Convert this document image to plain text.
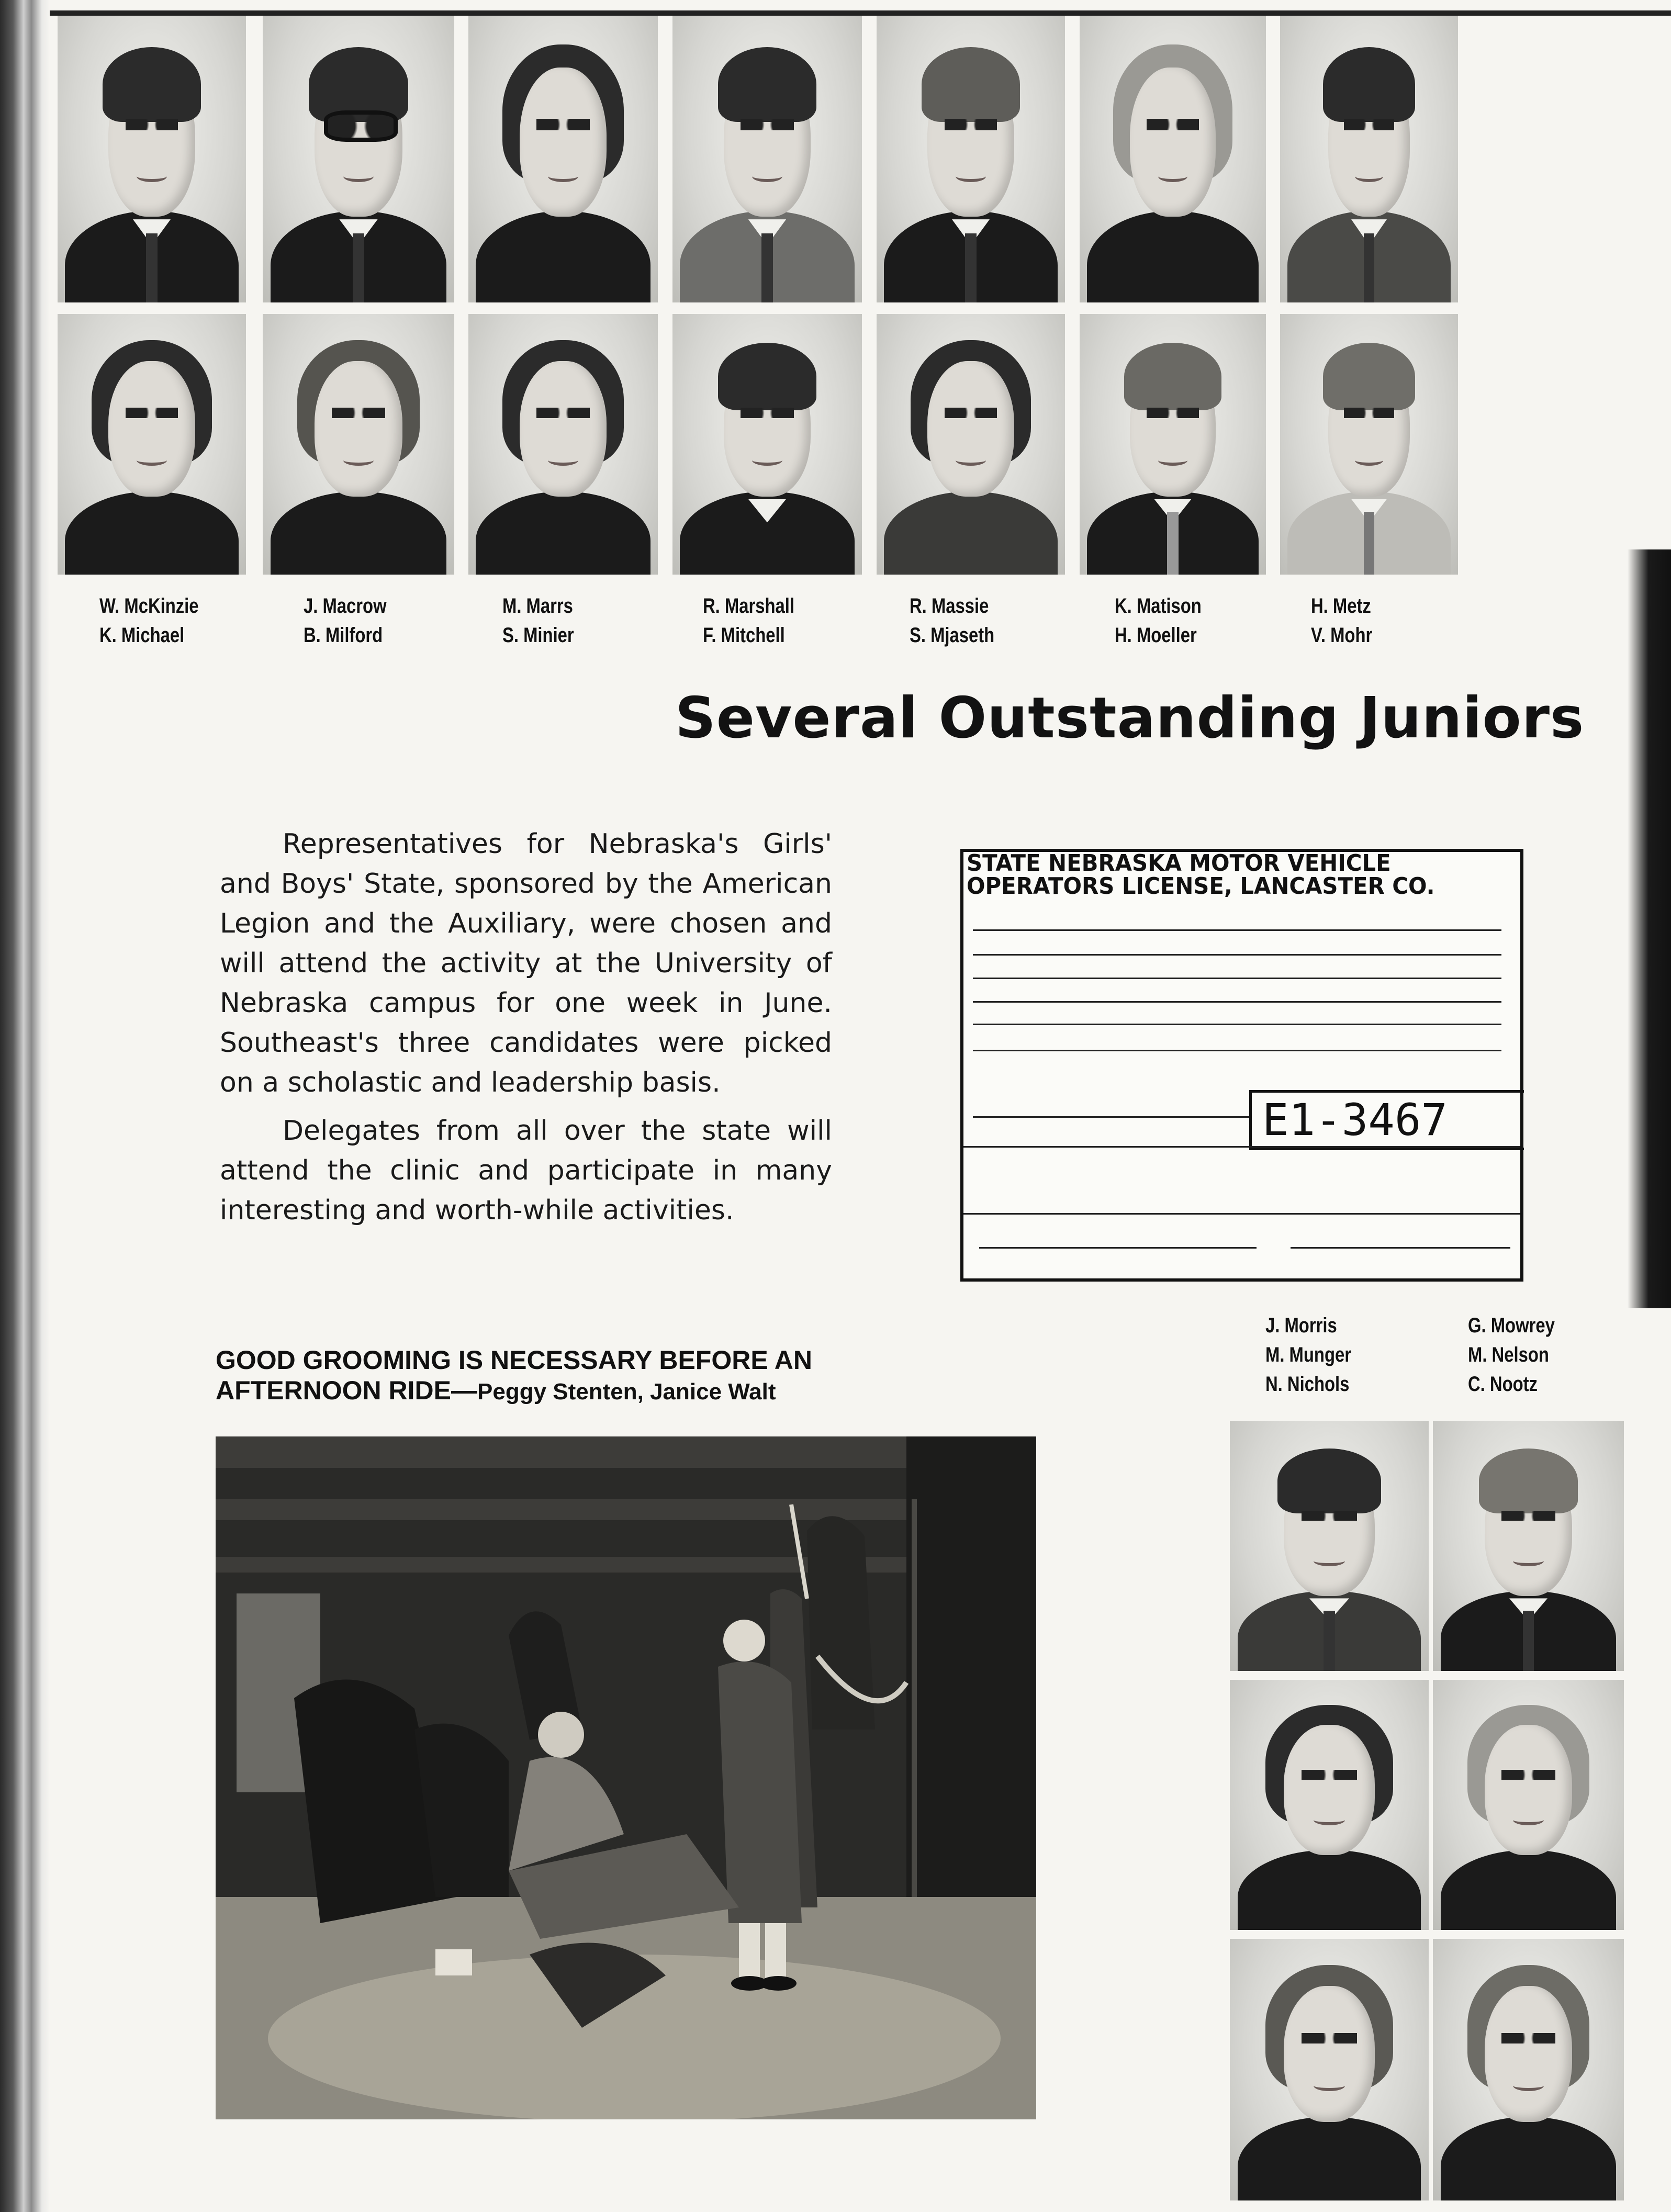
W. McKinzie
K. Michael
J. Macrow
B. Milford
M. Marrs
S. Minier
R. Marshall
F. Mitchell
R. Massie
S. Mjaseth
K. Matison
H. Moeller
H. Metz
V. Mohr
Several Outstanding Juniors

Representatives for Nebraska's Girls' and Boys' State, sponsored by the American Legion and the Auxiliary, were chosen and will attend the activity at the University of Nebraska campus for one week in June. Southeast's three candidates were picked on a scholastic and leadership basis.

Delegates from all over the state will attend the clinic and participate in many interesting and worth-while activities.

STATE NEBRASKA MOTOR VEHICLE
OPERATORS LICENSE, LANCASTER CO.
E1-3467
GOOD GROOMING IS NECESSARY BEFORE AN
AFTERNOON RIDE—Peggy Stenten, Janice Walt
J. Morris
M. Munger
N. Nichols
G. Mowrey
M. Nelson
C. Nootz
